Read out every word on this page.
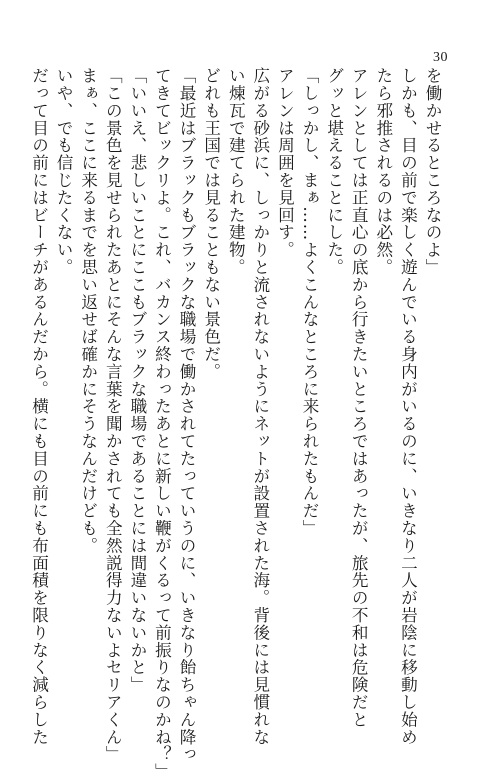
30
を働かせるところなのよ」
しかも、目の前で楽しく遊んでいる身内がいるのに、いきなり二人が岩陰に移動し始め
たら邪推されるのは必然。
アレンとしては正直心の底から行きたいところではあったが、旅先の不和は危険だと
グッと堪えることにした。
「しっかし、まぁ……よくこんなところに来られたもんだ」
アレンは周囲を見回す。
広がる砂浜に、しっかりと流されないようにネットが設置された海。背後には見慣れな
い煉瓦で建てられた建物。
どれも王国では見ることもない景色だ。
「最近はブラックもブラックな職場で働かされてたっていうのに、いきなり飴ちゃん降っ
てきてビックリよ。これ、バカンス終わったあとに新しい鞭がくるって前振りなのかね？」
「いいえ、悲しいことにここもブラックな職場であることには間違いないかと」
「この景色を見せられたあとにそんな言葉を聞かされても全然説得力ないよセリアくん」
まぁ、ここに来るまでを思い返せば確かにそうなんだけども。
いや、でも信じたくない。
だって目の前にはビーチがあるんだから。横にも目の前にも布面積を限りなく減らした
